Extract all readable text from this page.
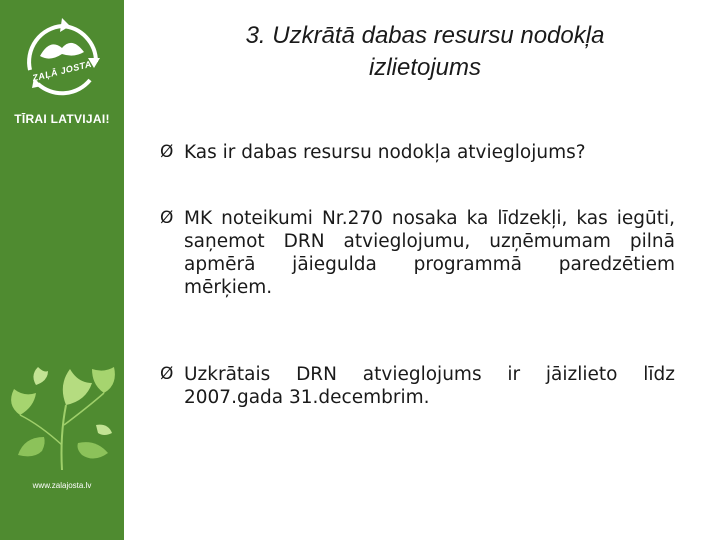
ZAĻĀ JOSTA
TĪRAI LATVIJAI!
www.zalajosta.lv
3. Uzkrātā dabas resursu nodokļa
izlietojums
Ø Kas ir dabas resursu nodokļa atvieglojums?
Ø MK noteikumi Nr.270 nosaka ka līdzekļi, kas iegūti, saņemot DRN atvieglojumu, uzņēmumam pilnā apmērā jāiegulda programmā paredzētiem mērķiem.
Ø Uzkrātais DRN atvieglojums ir jāizlieto līdz 2007.gada 31.decembrim.
